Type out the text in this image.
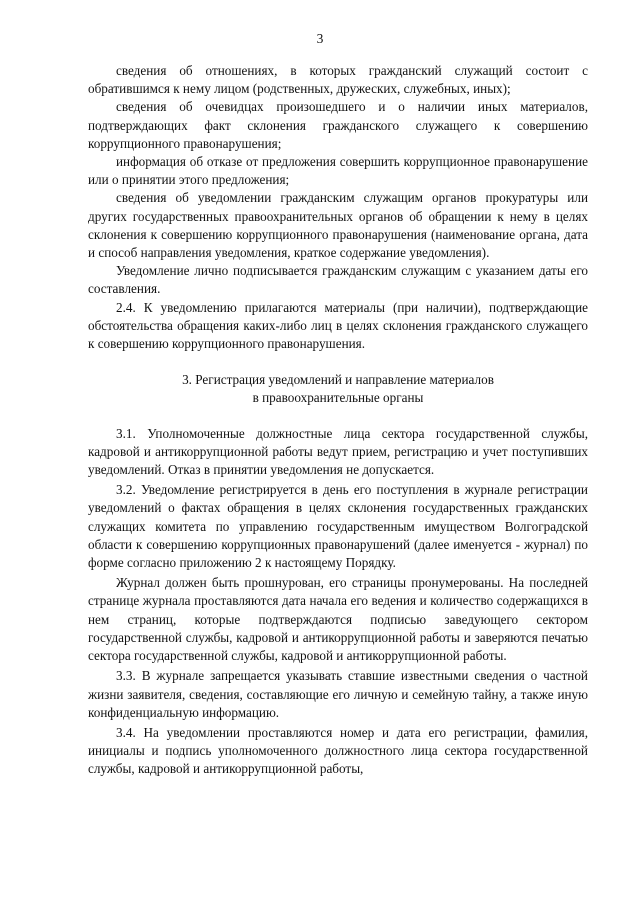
3

сведения об отношениях, в которых гражданский служащий состоит с обратившимся к нему лицом (родственных, дружеских, служебных, иных);

сведения об очевидцах произошедшего и о наличии иных материалов, подтверждающих факт склонения гражданского служащего к совершению коррупционного правонарушения;

информация об отказе от предложения совершить коррупционное правонарушение или о принятии этого предложения;

сведения об уведомлении гражданским служащим органов прокуратуры или других государственных правоохранительных органов об обращении к нему в целях склонения к совершению коррупционного правонарушения (наименование органа, дата и способ направления уведомления, краткое содержание уведомления).

Уведомление лично подписывается гражданским служащим с указанием даты его составления.

2.4. К уведомлению прилагаются материалы (при наличии), подтверждающие обстоятельства обращения каких-либо лиц в целях склонения гражданского служащего к совершению коррупционного правонарушения.

3. Регистрация уведомлений и направление материалов
в правоохранительные органы

3.1. Уполномоченные должностные лица сектора государственной службы, кадровой и антикоррупционной работы ведут прием, регистрацию и учет поступивших уведомлений. Отказ в принятии уведомления не допускается.

3.2. Уведомление регистрируется в день его поступления в журнале регистрации уведомлений о фактах обращения в целях склонения государственных гражданских служащих комитета по управлению государственным имуществом Волгоградской области к совершению коррупционных правонарушений (далее именуется - журнал) по форме согласно приложению 2 к настоящему Порядку.

Журнал должен быть прошнурован, его страницы пронумерованы. На последней странице журнала проставляются дата начала его ведения и количество содержащихся в нем страниц, которые подтверждаются подписью заведующего сектором государственной службы, кадровой и антикоррупционной работы и заверяются печатью сектора государственной службы, кадровой и антикоррупционной работы.

3.3. В журнале запрещается указывать ставшие известными сведения о частной жизни заявителя, сведения, составляющие его личную и семейную тайну, а также иную конфиденциальную информацию.

3.4. На уведомлении проставляются номер и дата его регистрации, фамилия, инициалы и подпись уполномоченного должностного лица сектора государственной службы, кадровой и антикоррупционной работы,
